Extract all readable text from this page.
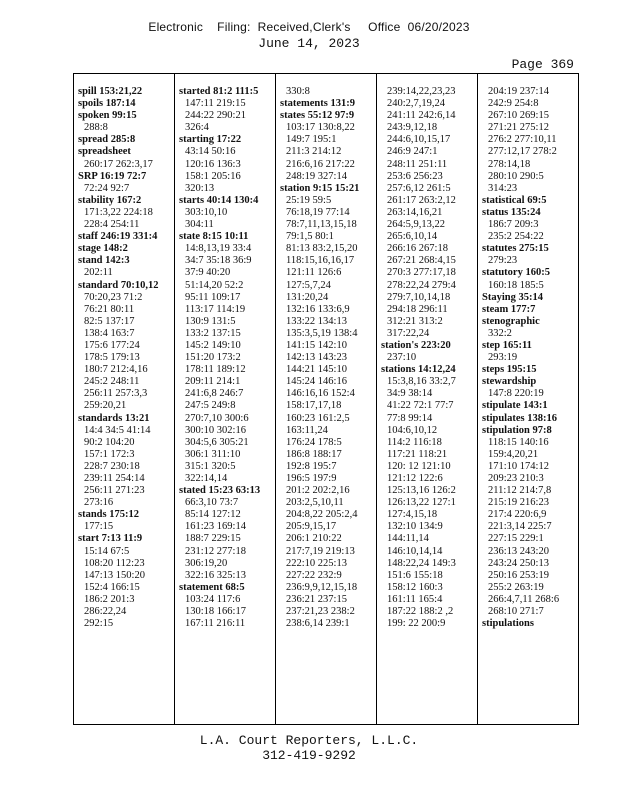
Electronic    Filing:  Received,Clerk's     Office  06/20/2023
June 14, 2023
Page 369
spill 153:21,22
spoils 187:14
spoken 99:15
288:8
spread 285:8
spreadsheet
260:17 262:3,17
SRP 16:19 72:7
72:24 92:7
stability 167:2
171:3,22 224:18
228:4 254:11
staff 246:19 331:4
stage 148:2
stand 142:3
202:11
standard 70:10,12
70:20,23 71:2
76:21 80:11
82:5 137:17
138:4 163:7
175:6 177:24
178:5 179:13
180:7 212:4,16
245:2 248:11
256:11 257:3,3
259:20,21
standards 13:21
14:4 34:5 41:14
90:2 104:20
157:1 172:3
228:7 230:18
239:11 254:14
256:11 271:23
273:16
stands 175:12
177:15
start 7:13 11:9
15:14 67:5
108:20 112:23
147:13 150:20
152:4 166:15
186:2 201:3
286:22,24
292:15
started 81:2 111:5
147:11 219:15
244:22 290:21
326:4
starting 17:22
43:14 50:16
120:16 136:3
158:1 205:16
320:13
starts 40:14 130:4
303:10,10
304:11
state 8:15 10:11
14:8,13,19 33:4
34:7 35:18 36:9
37:9 40:20
51:14,20 52:2
95:11 109:17
113:17 114:19
130:9 131:5
133:2 137:15
145:2 149:10
151:20 173:2
178:11 189:12
209:11 214:1
241:6,8 246:7
247:5 249:8
270:7,10 300:6
300:10 302:16
304:5,6 305:21
306:1 311:10
315:1 320:5
322:14,14
stated 15:23 63:13
66:3,10 73:7
85:14 127:12
161:23 169:14
188:7 229:15
231:12 277:18
306:19,20
322:16 325:13
statement 68:5
103:24 117:6
130:18 166:17
167:11 216:11
330:8
statements 131:9
states 55:12 97:9
103:17 130:8,22
149:7 195:1
211:3 214:12
216:6,16 217:22
248:19 327:14
station 9:15 15:21
25:19 59:5
76:18,19 77:14
78:7,11,13,15,18
79:1,5 80:1
81:13 83:2,15,20
118:15,16,16,17
121:11 126:6
127:5,7,24
131:20,24
132:16 133:6,9
133:22 134:13
135:3,5,19 138:4
141:15 142:10
142:13 143:23
144:21 145:10
145:24 146:16
146:16,16 152:4
158:17,17,18
160:23 161:2,5
163:11,24
176:24 178:5
186:8 188:17
192:8 195:7
196:5 197:9
201:2 202:2,16
203:2,5,10,11
204:8,22 205:2,4
205:9,15,17
206:1 210:22
217:7,19 219:13
222:10 225:13
227:22 232:9
236:9,9,12,15,18
236:21 237:15
237:21,23 238:2
238:6,14 239:1
239:14,22,23,23
240:2,7,19,24
241:11 242:6,14
243:9,12,18
244:6,10,15,17
246:9 247:1
248:11 251:11
253:6 256:23
257:6,12 261:5
261:17 263:2,12
263:14,16,21
264:5,9,13,22
265:6,10,14
266:16 267:18
267:21 268:4,15
270:3 277:17,18
278:22,24 279:4
279:7,10,14,18
294:18 296:11
312:21 313:2
317:22,24
station's 223:20
237:10
stations 14:12,24
15:3,8,16 33:2,7
34:9 38:14
41:22 72:1 77:7
77:8 99:14
104:6,10,12
114:2 116:18
117:21 118:21
120: 12 121:10
121:12 122:6
125:13,16 126:2
126:13,22 127:1
127:4,15,18
132:10 134:9
144:11,14
146:10,14,14
148:22,24 149:3
151:6 155:18
158:12 160:3
161:11 165:4
187:22 188:2 ,2
199: 22 200:9
204:19 237:14
242:9 254:8
267:10 269:15
271:21 275:12
276:2 277:10,11
277:12,17 278:2
278:14,18
280:10 290:5
314:23
statistical 69:5
status 135:24
186:7 209:3
235:2 254:22
statutes 275:15
279:23
statutory 160:5
160:18 185:5
Staying 35:14
steam 177:7
stenographic
332:2
step 165:11
293:19
steps 195:15
stewardship
147:8 220:19
stipulate 143:1
stipulates 138:16
stipulation 97:8
118:15 140:16
159:4,20,21
171:10 174:12
209:23 210:3
211:12 214:7,8
215:19 216:23
217:4 220:6,9
221:3,14 225:7
227:15 229:1
236:13 243:20
243:24 250:13
250:16 253:19
255:2 263:19
266:4,7,11 268:6
268:10 271:7
stipulations
L.A. Court Reporters, L.L.C.
312-419-9292
